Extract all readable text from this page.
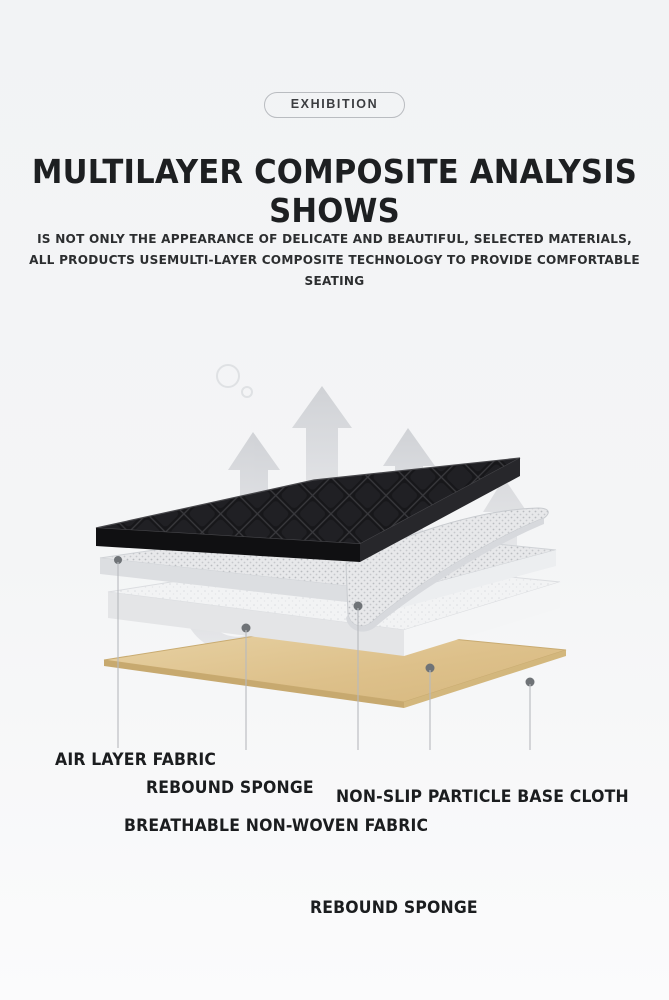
EXHIBITION
MULTILAYER COMPOSITE ANALYSIS SHOWS
IS NOT ONLY THE APPEARANCE OF DELICATE AND BEAUTIFUL, SELECTED MATERIALS,
ALL PRODUCTS USEMULTI-LAYER COMPOSITE TECHNOLOGY TO PROVIDE COMFORTABLE SEATING
AIR LAYER FABRIC
REBOUND SPONGE NON-SLIP PARTICLE BASE CLOTH
BREATHABLE NON-WOVEN FABRIC
REBOUND SPONGE
